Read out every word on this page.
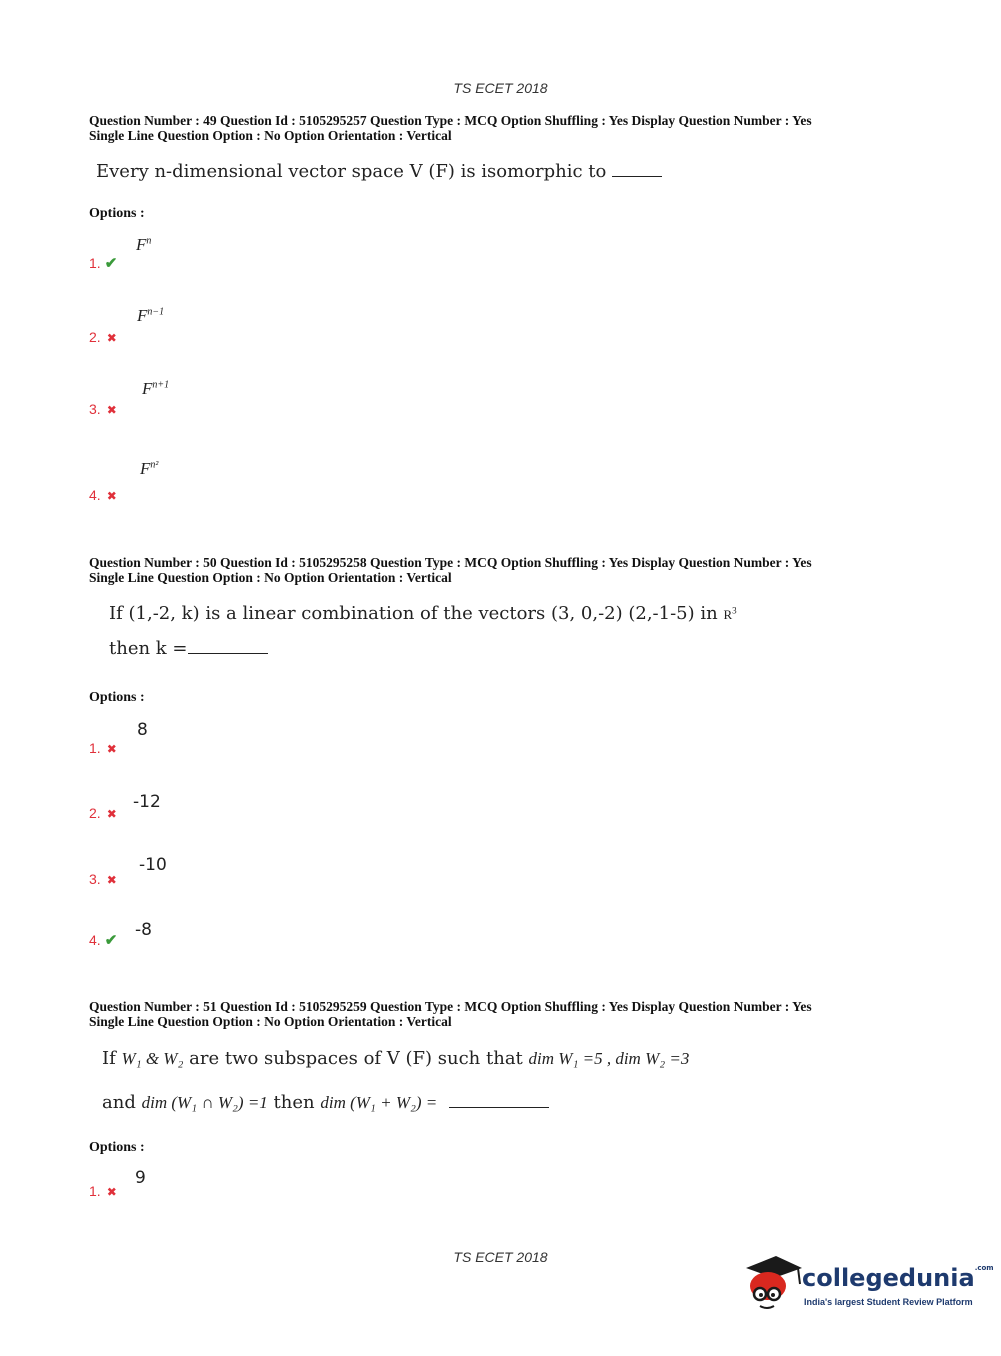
TS ECET 2018
Question Number : 49 Question Id : 5105295257 Question Type : MCQ Option Shuffling : Yes Display Question Number : Yes
Single Line Question Option : No Option Orientation : Vertical
Every n-dimensional vector space V (F) is isomorphic to
Options :
$F^n$
1. ✔
$F^{n-1}$
2. ✖
$F^{n+1}$
3. ✖
$F^{n^2}$
4. ✖
Question Number : 50 Question Id : 5105295258 Question Type : MCQ Option Shuffling : Yes Display Question Number : Yes
Single Line Question Option : No Option Orientation : Vertical
If (1,-2, k) is a linear combination of the vectors (3, 0,-2) (2,-1-5) in $R^3$
then k =
Options :
8
1. ✖
-12
2. ✖
-10
3. ✖
-8
4. ✔
Question Number : 51 Question Id : 5105295259 Question Type : MCQ Option Shuffling : Yes Display Question Number : Yes
Single Line Question Option : No Option Orientation : Vertical
If W₁ & W₂ are two subspaces of V (F) such that dim W₁ =5 , dim W₂ =3
and dim (W₁ ∩ W₂) =1 then dim (W₁ + W₂) =
Options :
9
1. ✖
TS ECET 2018
collegedunia$^{.com}$
India's largest Student Review Platform
